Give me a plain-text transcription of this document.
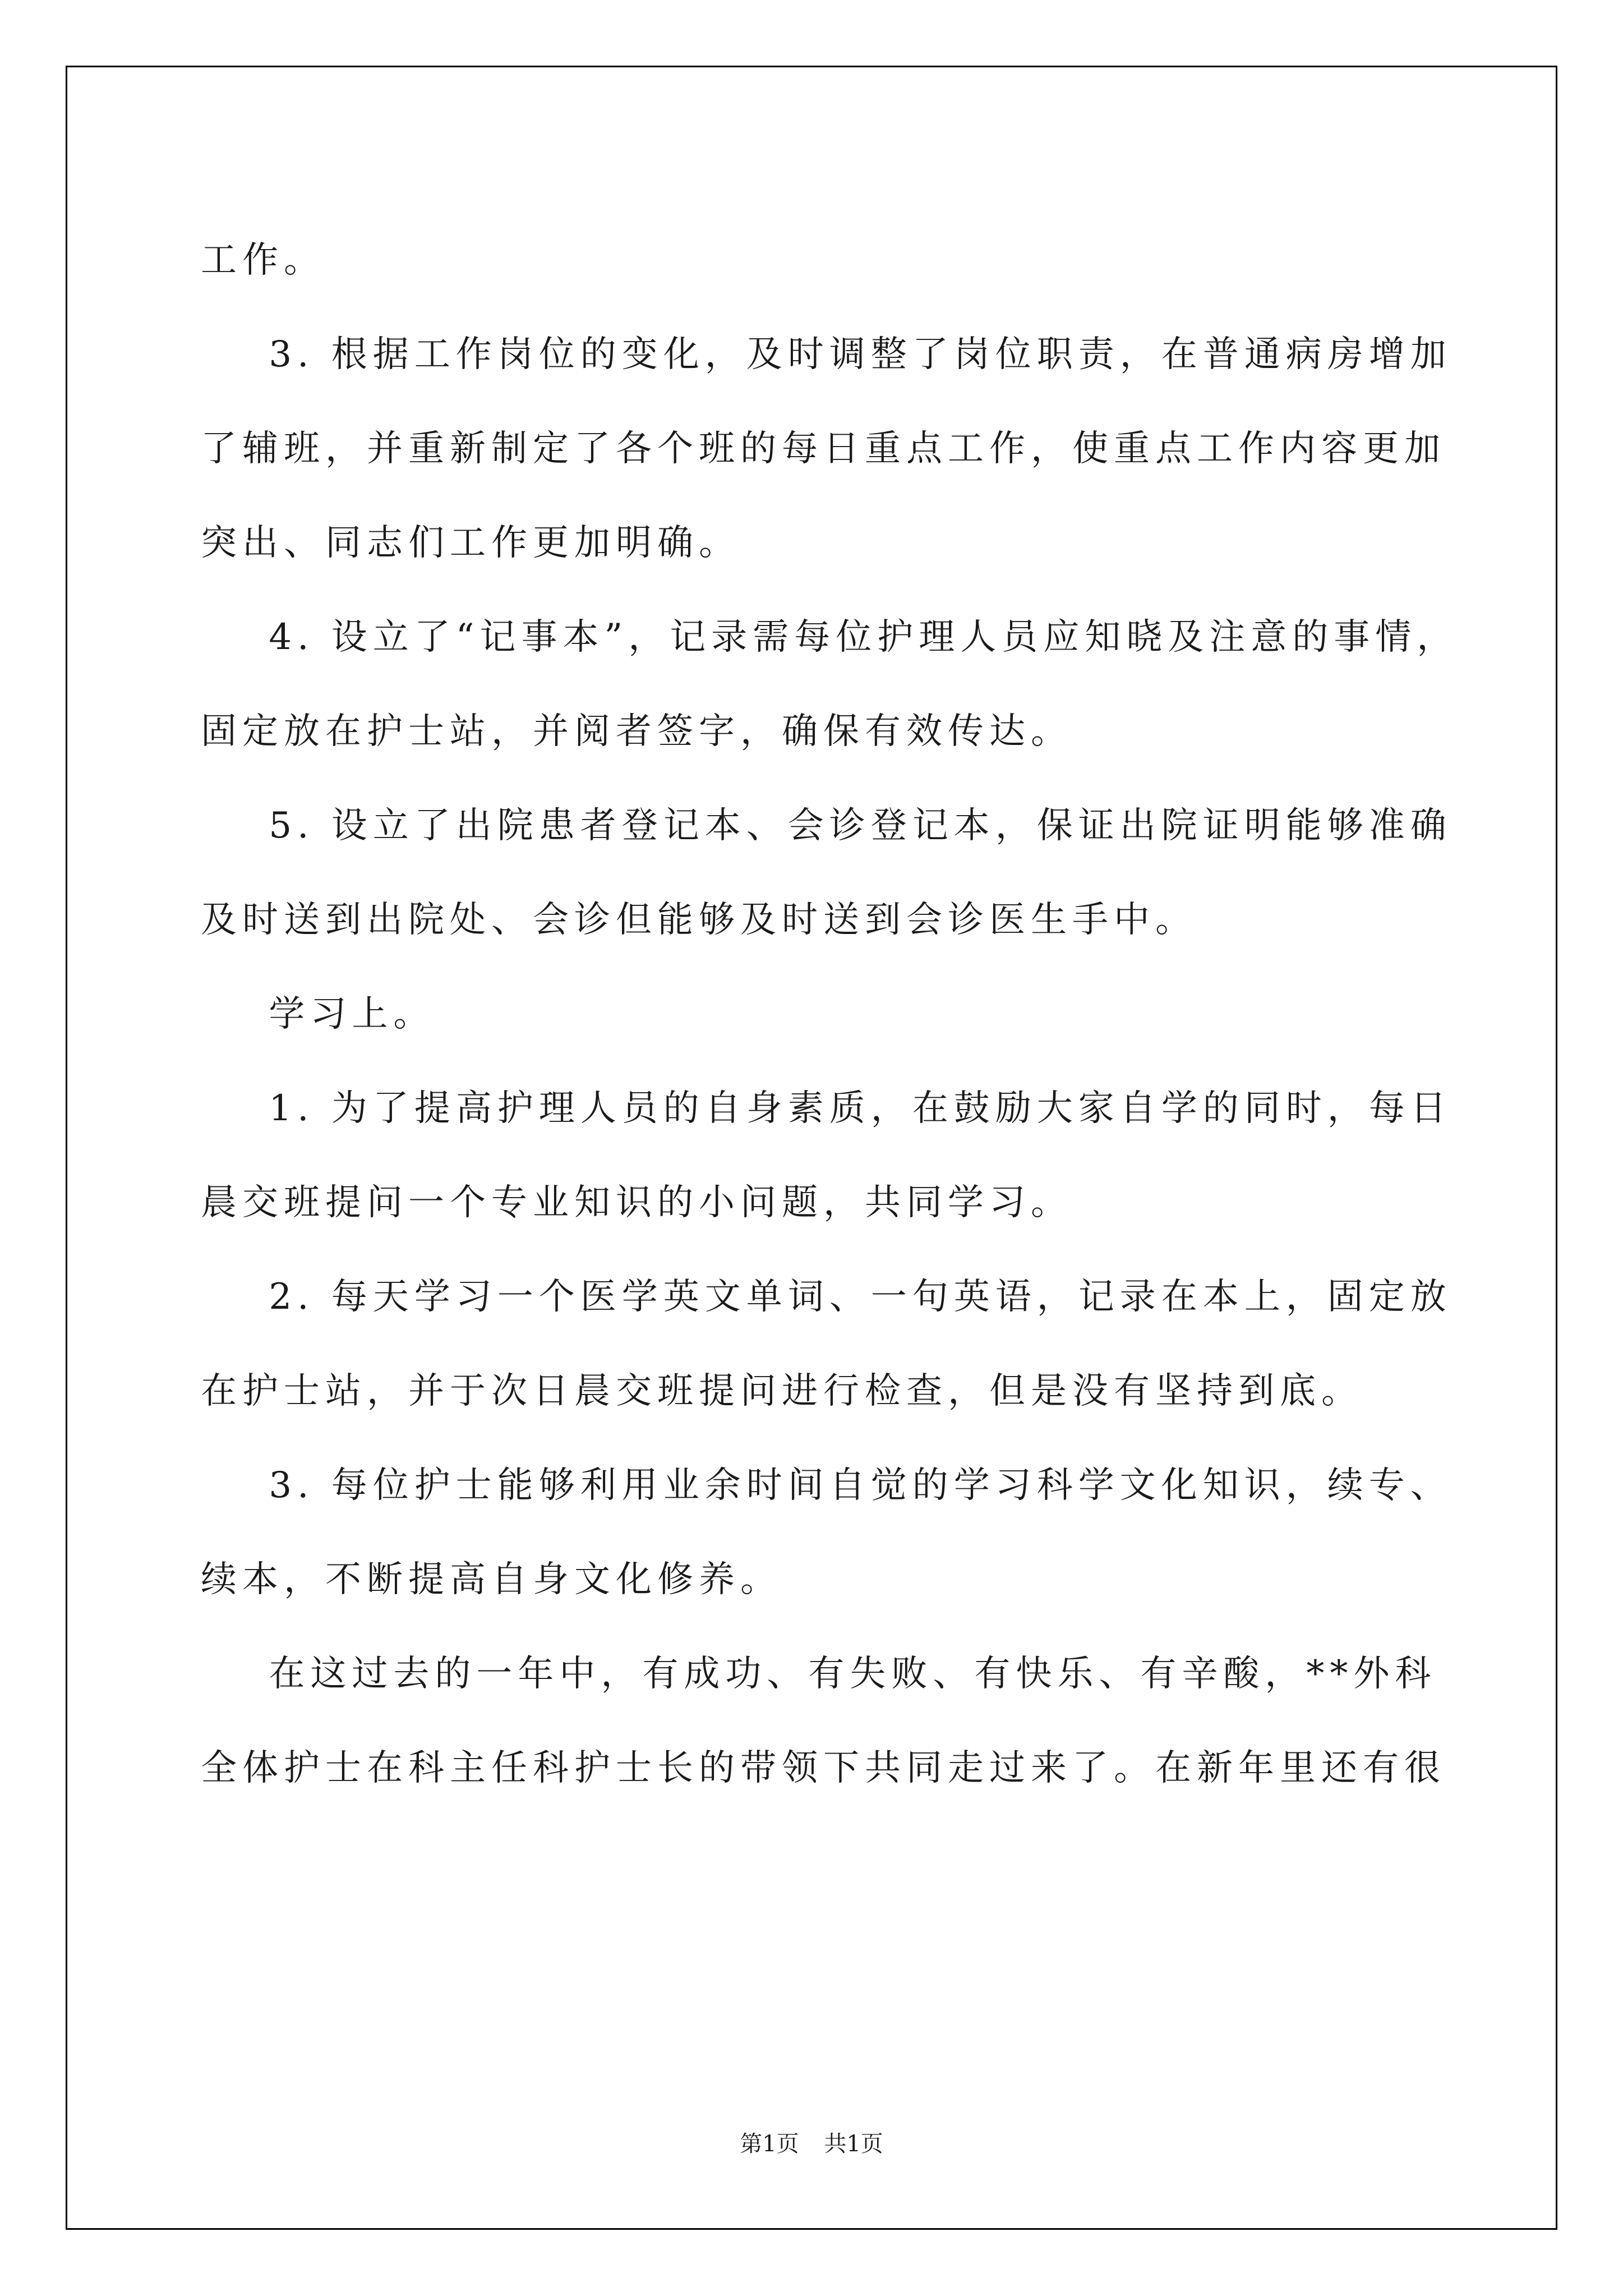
工作。

3. 根据工作岗位的变化，及时调整了岗位职责，在普通病房增加

了辅班，并重新制定了各个班的每日重点工作，使重点工作内容更加

突出、同志们工作更加明确。

4. 设立了“记事本”，记录需每位护理人员应知晓及注意的事情，

固定放在护士站，并阅者签字，确保有效传达。

5. 设立了出院患者登记本、会诊登记本，保证出院证明能够准确

及时送到出院处、会诊但能够及时送到会诊医生手中。

学习上。

1. 为了提高护理人员的自身素质，在鼓励大家自学的同时，每日

晨交班提问一个专业知识的小问题，共同学习。

2. 每天学习一个医学英文单词、一句英语，记录在本上，固定放

在护士站，并于次日晨交班提问进行检查，但是没有坚持到底。

3. 每位护士能够利用业余时间自觉的学习科学文化知识，续专、

续本，不断提高自身文化修养。

在这过去的一年中，有成功、有失败、有快乐、有辛酸，**外科

全体护士在科主任科护士长的带领下共同走过来了。在新年里还有很

第1页 共1页
